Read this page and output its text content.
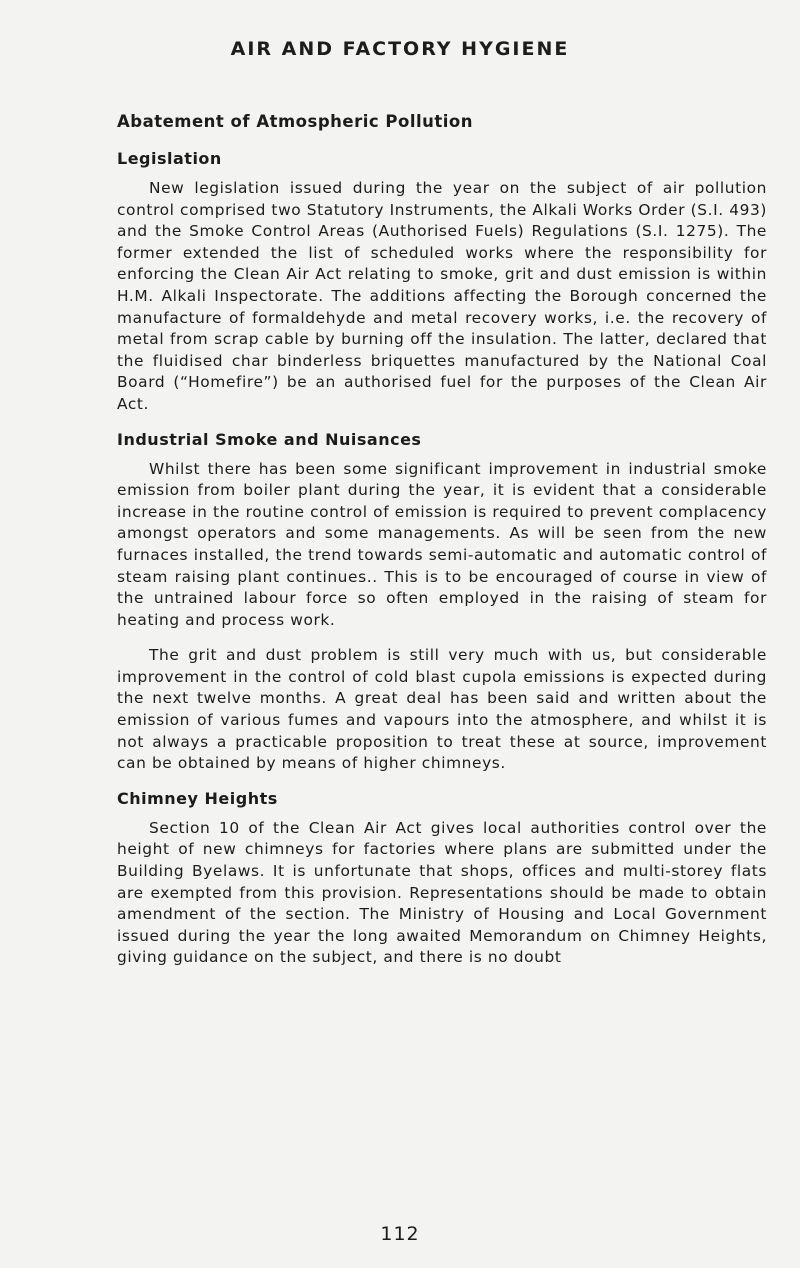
AIR AND FACTORY HYGIENE
Abatement of Atmospheric Pollution
Legislation

New legislation issued during the year on the subject of air pollution control comprised two Statutory Instruments, the Alkali Works Order (S.I. 493) and the Smoke Control Areas (Authorised Fuels) Regulations (S.I. 1275). The former extended the list of scheduled works where the responsibility for enforcing the Clean Air Act relating to smoke, grit and dust emission is within H.M. Alkali Inspectorate. The additions affecting the Borough concerned the manufacture of formaldehyde and metal recovery works, i.e. the recovery of metal from scrap cable by burning off the insulation. The latter, declared that the fluidised char binderless briquettes manufactured by the National Coal Board (“Homefire”) be an authorised fuel for the purposes of the Clean Air Act.

Industrial Smoke and Nuisances

Whilst there has been some significant improvement in industrial smoke emission from boiler plant during the year, it is evident that a considerable increase in the routine control of emission is required to prevent complacency amongst operators and some managements. As will be seen from the new furnaces installed, the trend towards semi-automatic and automatic control of steam raising plant continues.. This is to be encouraged of course in view of the untrained labour force so often employed in the raising of steam for heating and process work.

The grit and dust problem is still very much with us, but considerable improvement in the control of cold blast cupola emissions is expected during the next twelve months. A great deal has been said and written about the emission of various fumes and vapours into the atmosphere, and whilst it is not always a practicable proposition to treat these at source, improvement can be obtained by means of higher chimneys.

Chimney Heights

Section 10 of the Clean Air Act gives local authorities control over the height of new chimneys for factories where plans are submitted under the Building Byelaws. It is unfortunate that shops, offices and multi-storey flats are exempted from this provision. Representations should be made to obtain amendment of the section. The Ministry of Housing and Local Government issued during the year the long awaited Memorandum on Chimney Heights, giving guidance on the subject, and there is no doubt

112
